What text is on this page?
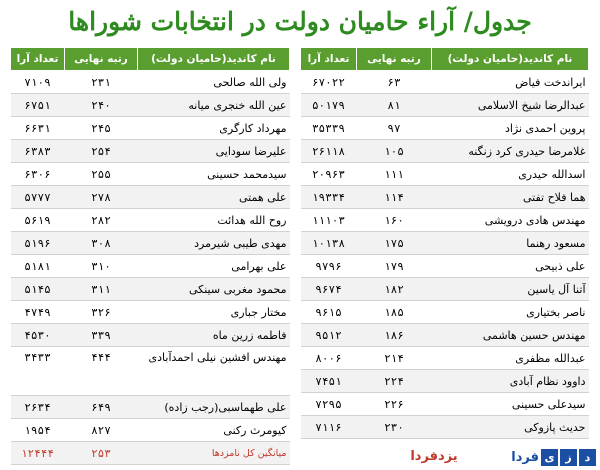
جدول/ آراء حامیان دولت در انتخابات شوراها
نام کاندید(حامیان دولت)	رتبه نهایی	تعداد آرا
ایراندخت فیاض	۶۳	۶۷۰۲۲
عبدالرضا شیخ الاسلامی	۸۱	۵۰۱۷۹
پروین احمدی نژاد	۹۷	۳۵۳۳۹
غلامرضا حیدری کرد زنگنه	۱۰۵	۲۶۱۱۸
اسدالله حیدری	۱۱۱	۲۰۹۶۳
هما فلاح تفتی	۱۱۴	۱۹۳۳۴
مهندس هادی درویشی	۱۶۰	۱۱۱۰۳
مسعود رهنما	۱۷۵	۱۰۱۳۸
علی ذبیحی	۱۷۹	۹۷۹۶
آتنا آل یاسین	۱۸۲	۹۶۷۴
ناصر بختیاری	۱۸۵	۹۶۱۵
مهندس حسین هاشمی	۱۸۶	۹۵۱۲
عبدالله مظفری	۲۱۴	۸۰۰۶
داوود نظام آبادی	۲۲۴	۷۴۵۱
سیدعلی حسینی	۲۲۶	۷۲۹۵
حدیث پازوکی	۲۳۰	۷۱۱۶
نام کاندید(حامیان دولت)	رتبه نهایی	تعداد آرا
ولی الله صالحی	۲۳۱	۷۱۰۹
عین الله خنجری میانه	۲۴۰	۶۷۵۱
مهرداد کارگری	۲۴۵	۶۶۳۱
علیرضا سودایی	۲۵۴	۶۳۸۳
سیدمحمد حسینی	۲۵۵	۶۳۰۶
علی همتی	۲۷۸	۵۷۷۷
روح الله هدائت	۲۸۲	۵۶۱۹
مهدی طیبی شیرمرد	۳۰۸	۵۱۹۶
علی بهرامی	۳۱۰	۵۱۸۱
محمود مغربی سینکی	۳۱۱	۵۱۴۵
مختار جباری	۳۲۶	۴۷۴۹
فاطمه زرین ماه	۳۳۹	۴۵۳۰
مهندس افشین نیلی احمدآبادی	۴۴۴	۳۴۳۳
علی طهماسبی(رجب زاده)	۶۴۹	۲۶۳۴
کیومرث رکنی	۸۲۷	۱۹۵۴
میانگین کل نامزدها	۲۵۳	۱۲۴۴۴	یزدفردا	د
ز
ی
فردا
